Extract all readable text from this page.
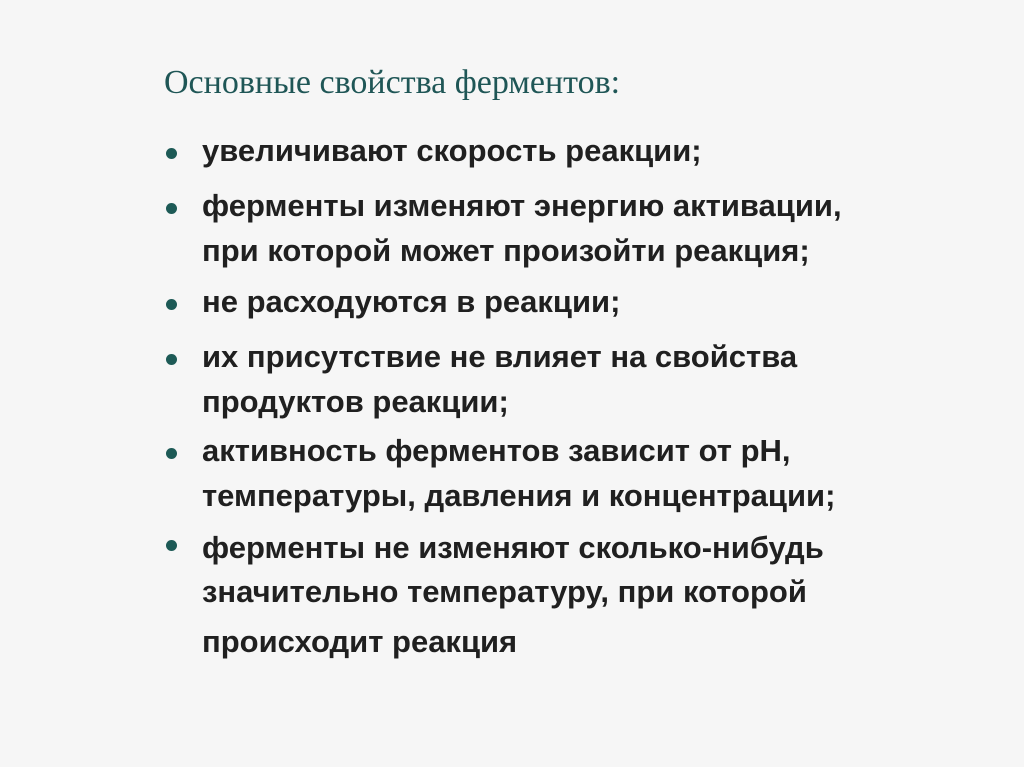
Основные свойства ферментов:
увеличивают скорость реакции;
ферменты изменяют энергию активации,
при которой может произойти реакция;
не расходуются в реакции;
их присутствие не влияет на свойства
продуктов реакции;
активность ферментов зависит от pH,
температуры, давления и концентрации;
ферменты не изменяют сколько-нибудь
значительно температуру, при которой
происходит реакция
